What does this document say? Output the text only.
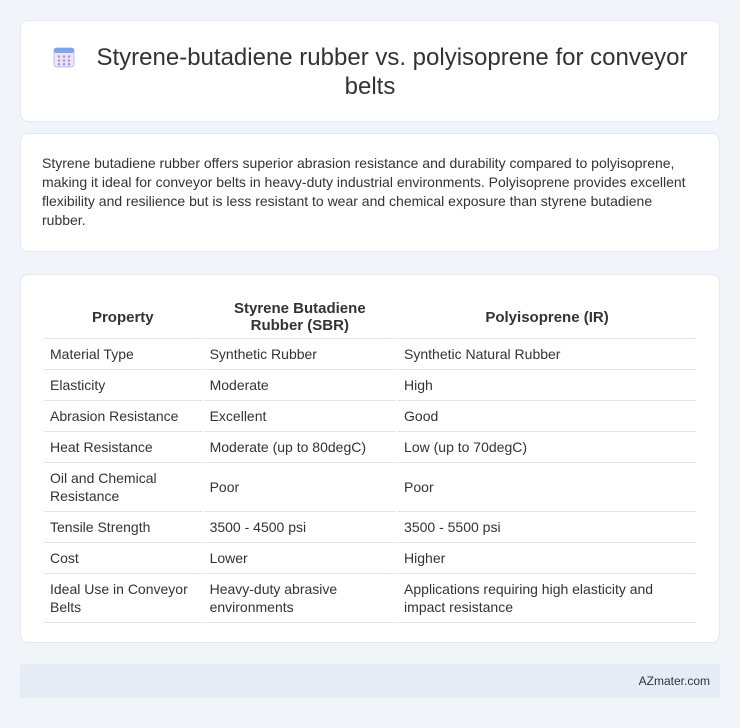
Styrene-butadiene rubber vs. polyisoprene for conveyor belts

Styrene butadiene rubber offers superior abrasion resistance and durability compared to polyisoprene, making it ideal for conveyor belts in heavy-duty industrial environments. Polyisoprene provides excellent flexibility and resilience but is less resistant to wear and chemical exposure than styrene butadiene rubber.

Property	Styrene Butadiene Rubber (SBR)	Polyisoprene (IR)
Material Type	Synthetic Rubber	Synthetic Natural Rubber
Elasticity	Moderate	High
Abrasion Resistance	Excellent	Good
Heat Resistance	Moderate (up to 80degC)	Low (up to 70degC)
Oil and Chemical Resistance	Poor	Poor
Tensile Strength	3500 - 4500 psi	3500 - 5500 psi
Cost	Lower	Higher
Ideal Use in Conveyor Belts	Heavy-duty abrasive environments	Applications requiring high elasticity and impact resistance
AZmater.com
